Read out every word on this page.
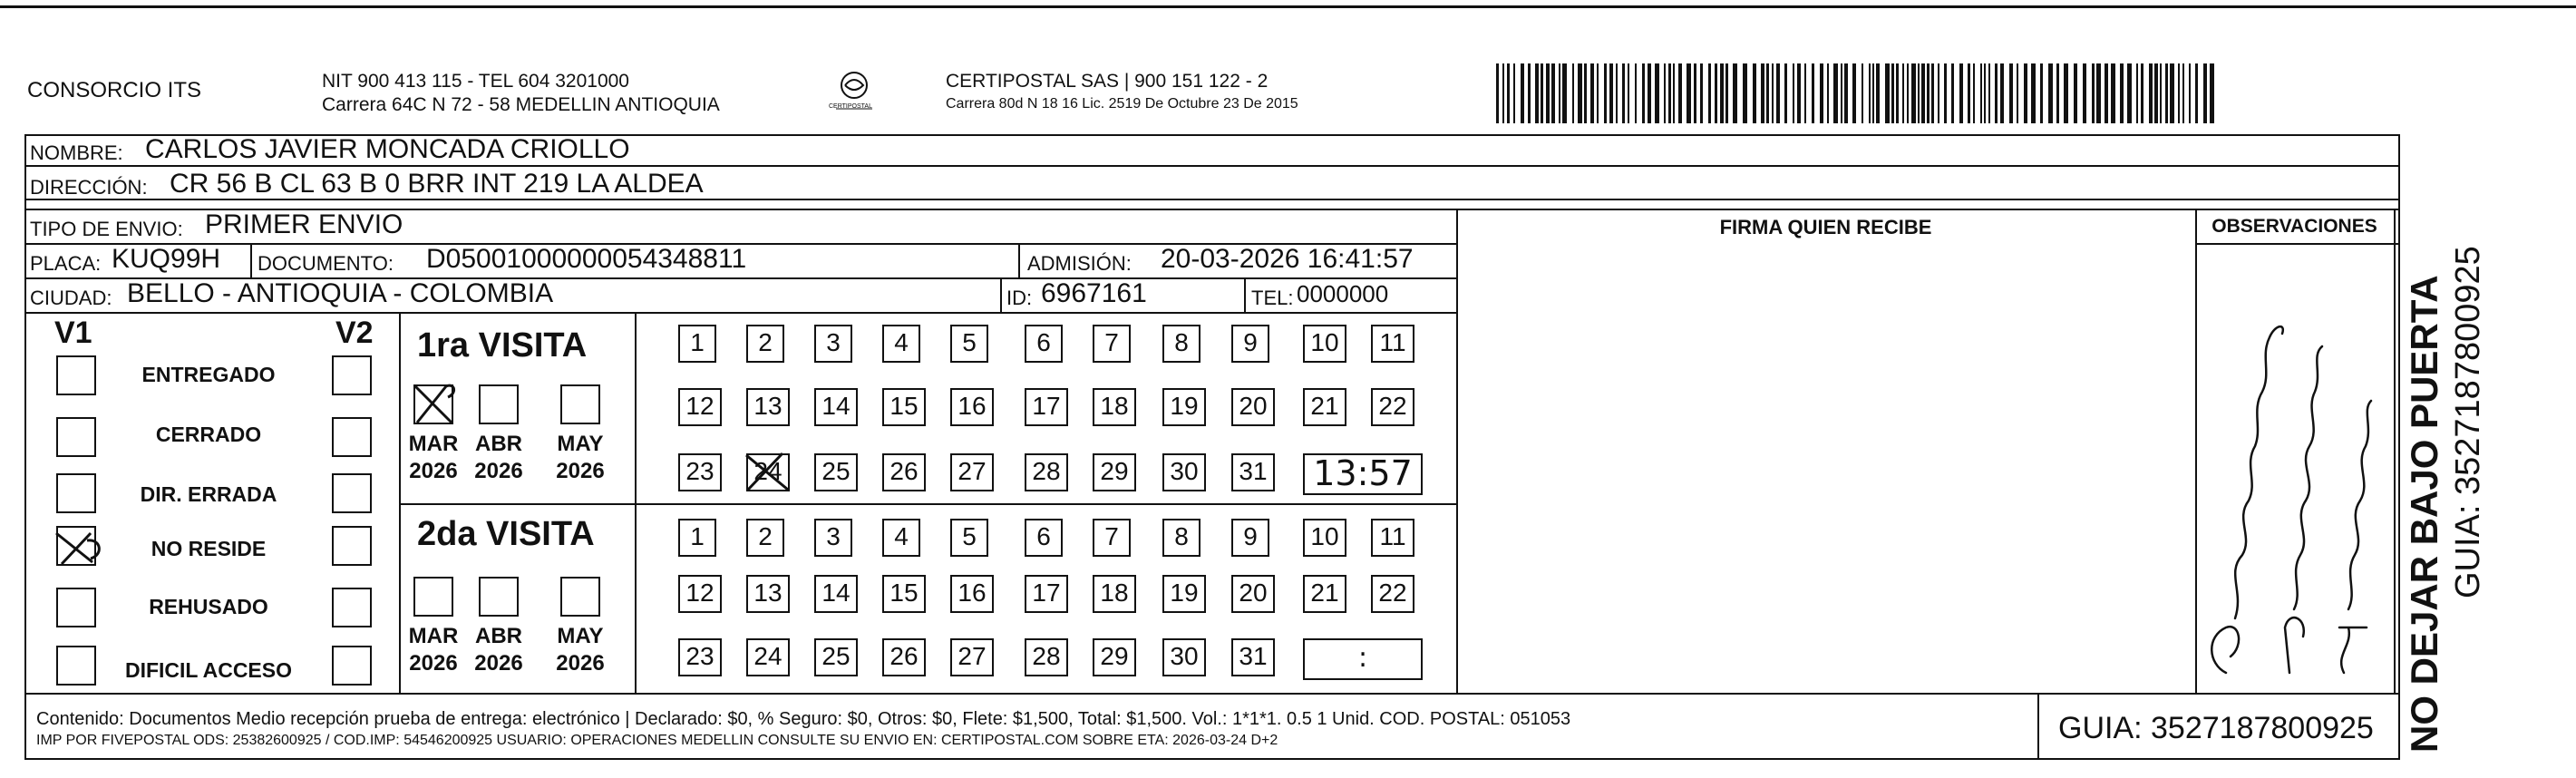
CONSORCIO ITS	NIT 900 413 115 - TEL 604 3201000
Carrera 64C N 72 - 58 MEDELLIN ANTIOQUIA	CERTIPOSTAL
CERTIPOSTAL SAS | 900 151 122 - 2
Carrera 80d N 18 16 Lic. 2519 De Octubre 23 De 2015
NOMBRE: CARLOS JAVIER MONCADA CRIOLLO
DIRECCIÓN: CR 56 B CL 63 B 0 BRR INT 219 LA ALDEA
TIPO DE ENVIO: PRIMER ENVIO
PLACA: KUQ99H DOCUMENTO: D05001000000054348811	ADMISIÓN: 20-03-2026 16:41:57
CIUDAD: BELLO - ANTIOQUIA - COLOMBIA	ID: 6967161	TEL: 0000000
FIRMA QUIEN RECIBE	OBSERVACIONES
V1	V2
ENTREGADO
CERRADO
DIR. ERRADA
NO RESIDE
REHUSADO
DIFICIL ACCESO
1ra VISITA
2da VISITA
MAR
2026
ABR
2026
MAY
2026
MAR
2026
ABR
2026
MAY
2026
1	2	3	4	5	6	7	8	9	10	11
12	13	14	15	16	17	18	19	20	21	22
23	24	25	26	27	28	29	30	31 13:57
1	2	3	4	5	6	7	8	9	10	11
12	13	14	15	16	17	18	19	20	21	22
23	24	25	26	27	28	29	30	31	:
Contenido: Documentos Medio recepción prueba de entrega: electrónico | Declarado: $0, % Seguro: $0, Otros: $0, Flete: $1,500, Total: $1,500. Vol.: 1*1*1. 0.5 1 Unid. COD. POSTAL: 051053
IMP POR FIVEPOSTAL ODS: 25382600925 / COD.IMP: 54546200925 USUARIO: OPERACIONES MEDELLIN CONSULTE SU ENVIO EN: CERTIPOSTAL.COM SOBRE ETA: 2026-03-24 D+2	GUIA: 3527187800925 NO DEJAR BAJO PUERTA GUIA: 3527187800925
